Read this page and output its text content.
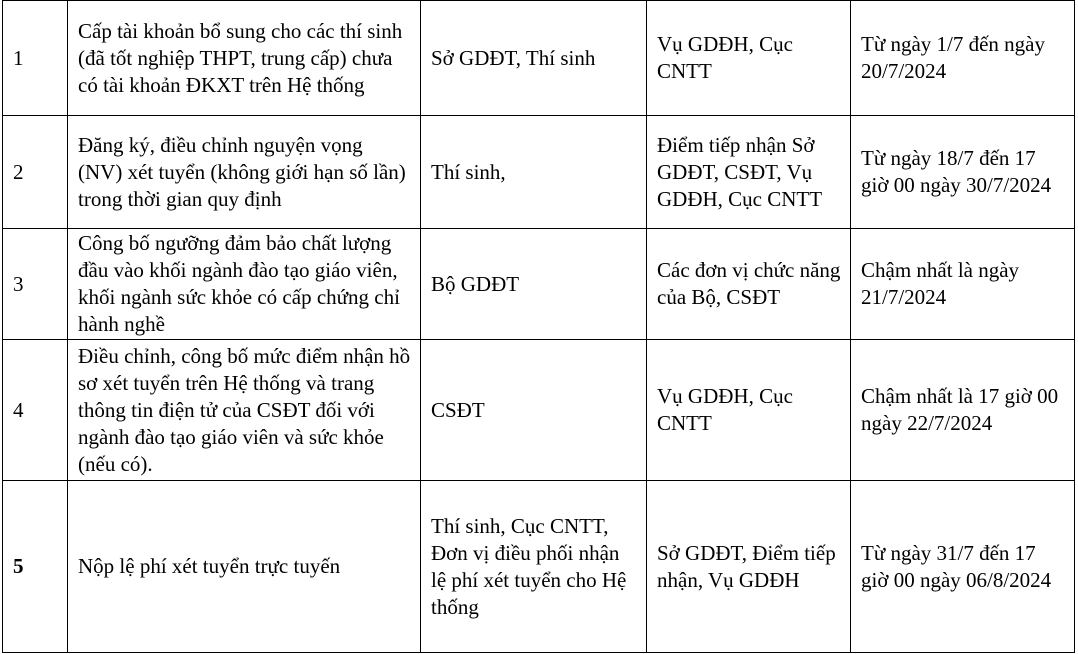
1	Cấp tài khoản bổ sung cho các thí sinh (đã tốt nghiệp THPT, trung cấp) chưa có tài khoản ĐKXT trên Hệ thống	Sở GDĐT, Thí sinh	Vụ GDĐH, Cục CNTT	Từ ngày 1/7 đến ngày 20/7/2024
2	Đăng ký, điều chỉnh nguyện vọng (NV) xét tuyển (không giới hạn số lần) trong thời gian quy định	Thí sinh,	Điểm tiếp nhận Sở GDĐT, CSĐT, Vụ GDĐH, Cục CNTT	Từ ngày 18/7 đến 17 giờ 00 ngày 30/7/2024
3	Công bố ngưỡng đảm bảo chất lượng đầu vào khối ngành đào tạo giáo viên, khối ngành sức khỏe có cấp chứng chỉ hành nghề	Bộ GDĐT	Các đơn vị chức năng của Bộ, CSĐT	Chậm nhất là ngày 21/7/2024
4	Điều chỉnh, công bố mức điểm nhận hồ sơ xét tuyển trên Hệ thống và trang thông tin điện tử của CSĐT đối với ngành đào tạo giáo viên và sức khỏe (nếu có).	CSĐT	Vụ GDĐH, Cục CNTT	Chậm nhất là 17 giờ 00 ngày 22/7/2024
5	Nộp lệ phí xét tuyển trực tuyến	Thí sinh, Cục CNTT, Đơn vị điều phối nhận lệ phí xét tuyển cho Hệ thống	Sở GDĐT, Điểm tiếp nhận, Vụ GDĐH	Từ ngày 31/7 đến 17 giờ 00 ngày 06/8/2024
